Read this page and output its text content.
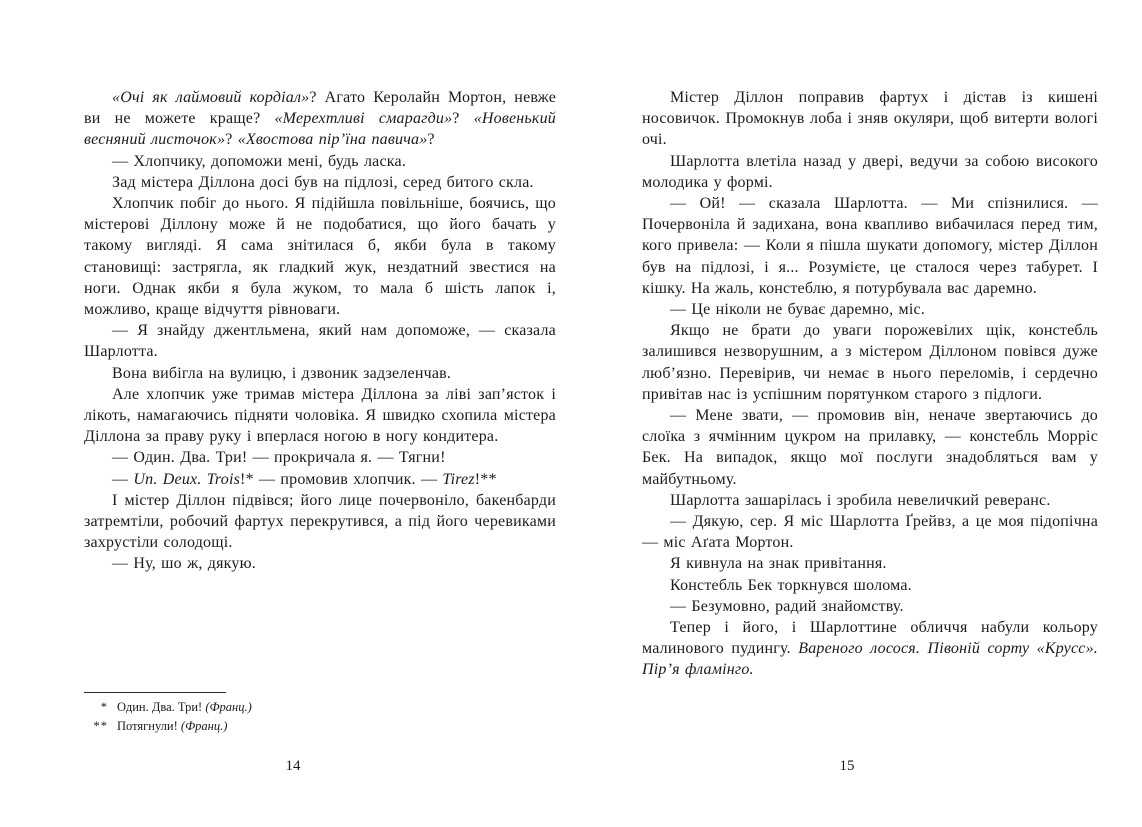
«Очі як лаймовий кордіал»? Агато Керолайн Мортон, невже ви не можете краще? «Мерехтливі смарагди»? «Новенький весняний листочок»? «Хвостова пір’їна павича»?

— Хлопчику, допоможи мені, будь ласка.

Зад містера Діллона досі був на підлозі, серед битого скла.

Хлопчик побіг до нього. Я підійшла повільніше, боячись, що містерові Діллону може й не подобатися, що його бачать у такому вигляді. Я сама знітилася б, якби була в такому становищі: застрягла, як гладкий жук, нездатний звестися на ноги. Однак якби я була жуком, то мала б шість лапок і, можливо, краще відчуття рівноваги.

— Я знайду джентльмена, який нам допоможе, — сказала Шарлотта.

Вона вибігла на вулицю, і дзвоник задзеленчав.

Але хлопчик уже тримав містера Діллона за ліві зап’ясток і лікоть, намагаючись підняти чоловіка. Я швидко схопила містера Діллона за праву руку і вперлася ногою в ногу кондитера.

— Один. Два. Три! — прокричала я. — Тягни!

— Un. Deux. Trois!* — промовив хлопчик. — Tirez!**

І містер Діллон підвівся; його лице почервоніло, бакенбарди затремтіли, робочий фартух перекрутився, а під його черевиками захрустіли солодощі.

— Ну, шо ж, дякую.

* Один. Два. Три! (Франц.)
** Потягнули! (Франц.)
14

Містер Діллон поправив фартух і дістав із кишені носовичок. Промокнув лоба і зняв окуляри, щоб витерти вологі очі.

Шарлотта влетіла назад у двері, ведучи за собою високого молодика у формі.

— Ой! — сказала Шарлотта. — Ми спізнилися. — Почервоніла й задихана, вона квапливо вибачилася перед тим, кого привела: — Коли я пішла шукати допомогу, містер Діллон був на підлозі, і я... Розумієте, це сталося через табурет. І кішку. На жаль, констеблю, я потурбувала вас даремно.

— Це ніколи не буває даремно, міс.

Якщо не брати до уваги порожевілих щік, констебль залишився незворушним, а з містером Діллоном повівся дуже люб’язно. Перевірив, чи немає в нього переломів, і сердечно привітав нас із успішним порятунком старого з підлоги.

— Мене звати, — промовив він, неначе звертаючись до слоїка з ячмінним цукром на прилавку, — констебль Морріс Бек. На випадок, якщо мої послуги знадобляться вам у майбутньому.

Шарлотта зашарілась і зробила невеличкий реверанс.

— Дякую, сер. Я міс Шарлотта Ґрейвз, а це моя підопічна — міс Аґата Мортон.

Я кивнула на знак привітання.

Констебль Бек торкнувся шолома.

— Безумовно, радий знайомству.

Тепер і його, і Шарлоттине обличчя набули кольору малинового пудингу. Вареного лосося. Півоній сорту «Крусс». Пір’я фламінго.

15
